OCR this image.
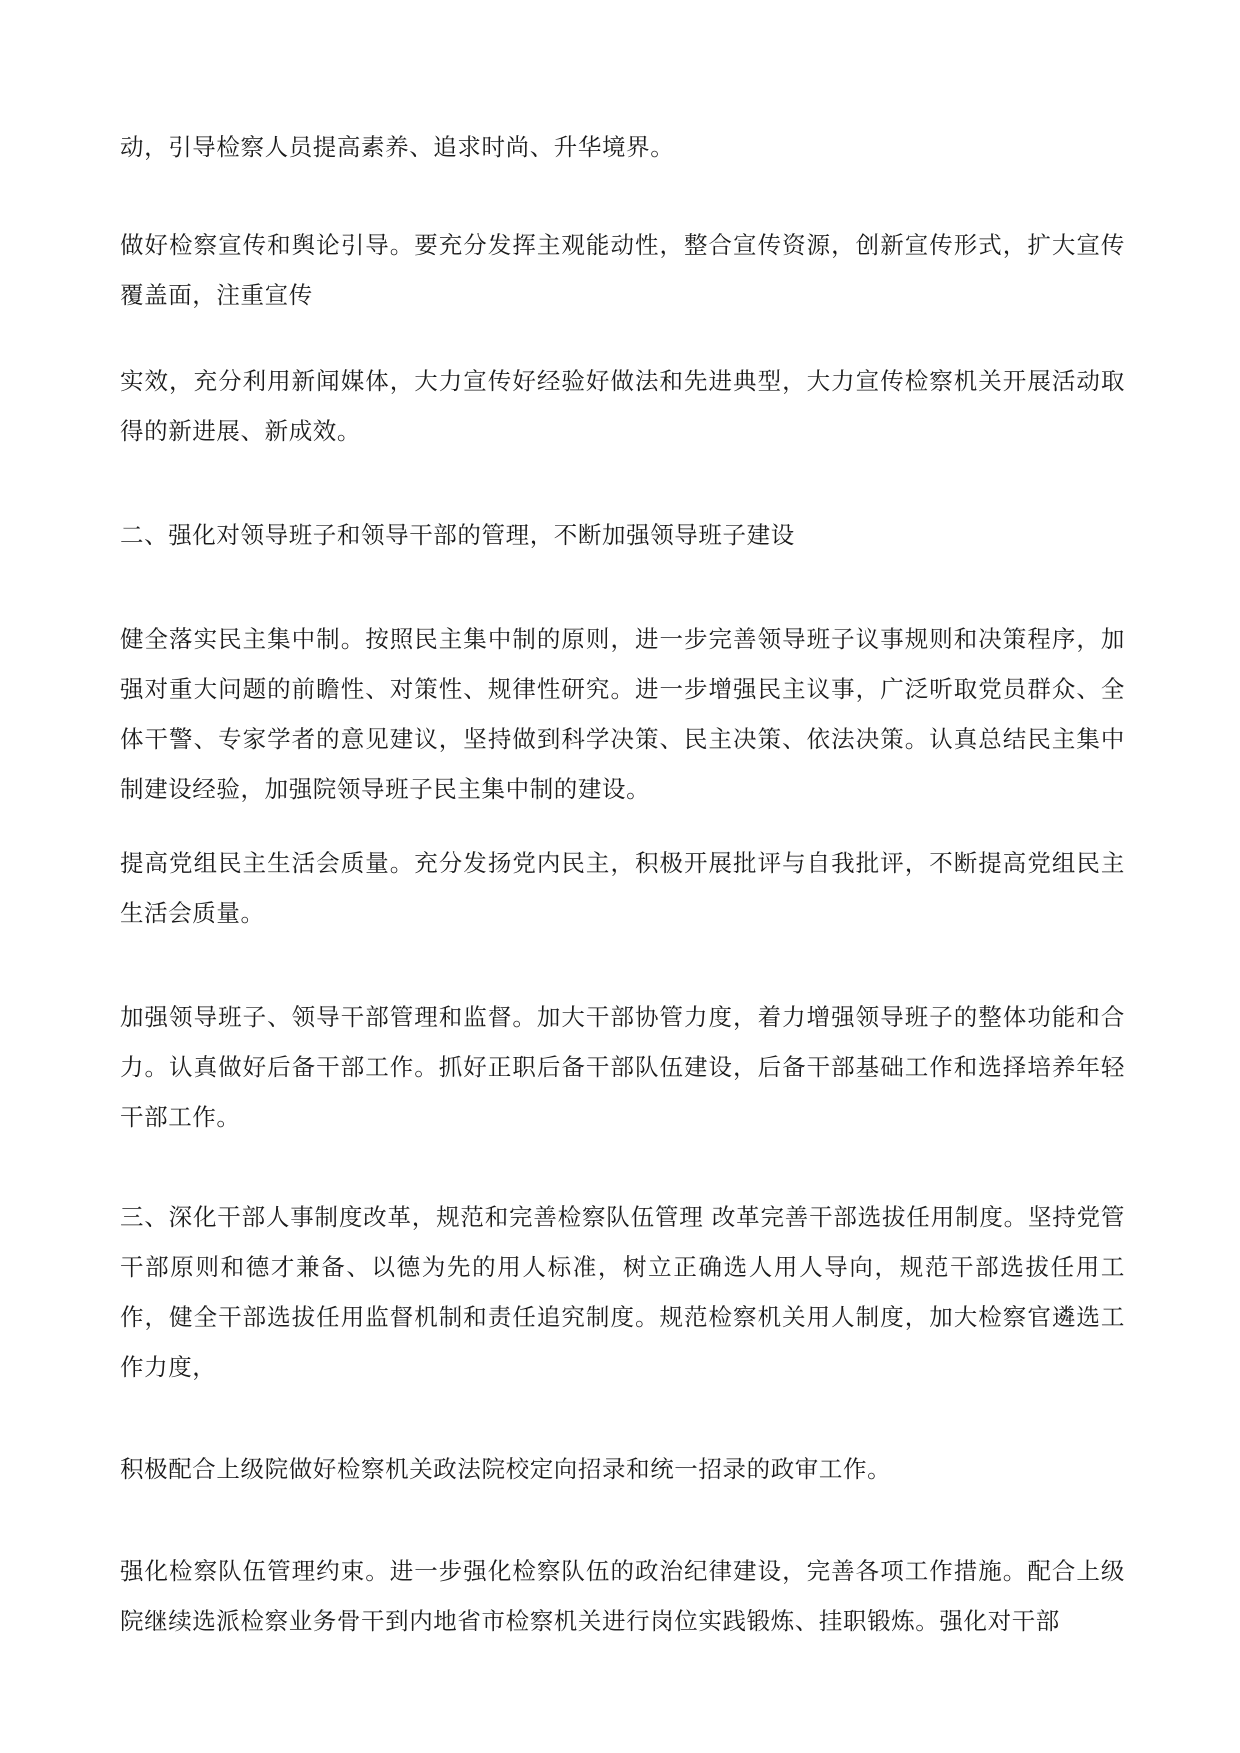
动，引导检察人员提高素养、追求时尚、升华境界。

做好检察宣传和舆论引导。要充分发挥主观能动性，整合宣传资源，创新宣传形式，扩大宣传覆盖面，注重宣传

实效，充分利用新闻媒体，大力宣传好经验好做法和先进典型，大力宣传检察机关开展活动取得的新进展、新成效。

二、强化对领导班子和领导干部的管理，不断加强领导班子建设

健全落实民主集中制。按照民主集中制的原则，进一步完善领导班子议事规则和决策程序，加强对重大问题的前瞻性、对策性、规律性研究。进一步增强民主议事，广泛听取党员群众、全体干警、专家学者的意见建议，坚持做到科学决策、民主决策、依法决策。认真总结民主集中制建设经验，加强院领导班子民主集中制的建设。

提高党组民主生活会质量。充分发扬党内民主，积极开展批评与自我批评，不断提高党组民主生活会质量。

加强领导班子、领导干部管理和监督。加大干部协管力度，着力增强领导班子的整体功能和合力。认真做好后备干部工作。抓好正职后备干部队伍建设，后备干部基础工作和选择培养年轻干部工作。

三、深化干部人事制度改革，规范和完善检察队伍管理 改革完善干部选拔任用制度。坚持党管干部原则和德才兼备、以德为先的用人标准，树立正确选人用人导向，规范干部选拔任用工作，健全干部选拔任用监督机制和责任追究制度。规范检察机关用人制度，加大检察官遴选工作力度，

积极配合上级院做好检察机关政法院校定向招录和统一招录的政审工作。

强化检察队伍管理约束。进一步强化检察队伍的政治纪律建设，完善各项工作措施。配合上级院继续选派检察业务骨干到内地省市检察机关进行岗位实践锻炼、挂职锻炼。强化对干部
